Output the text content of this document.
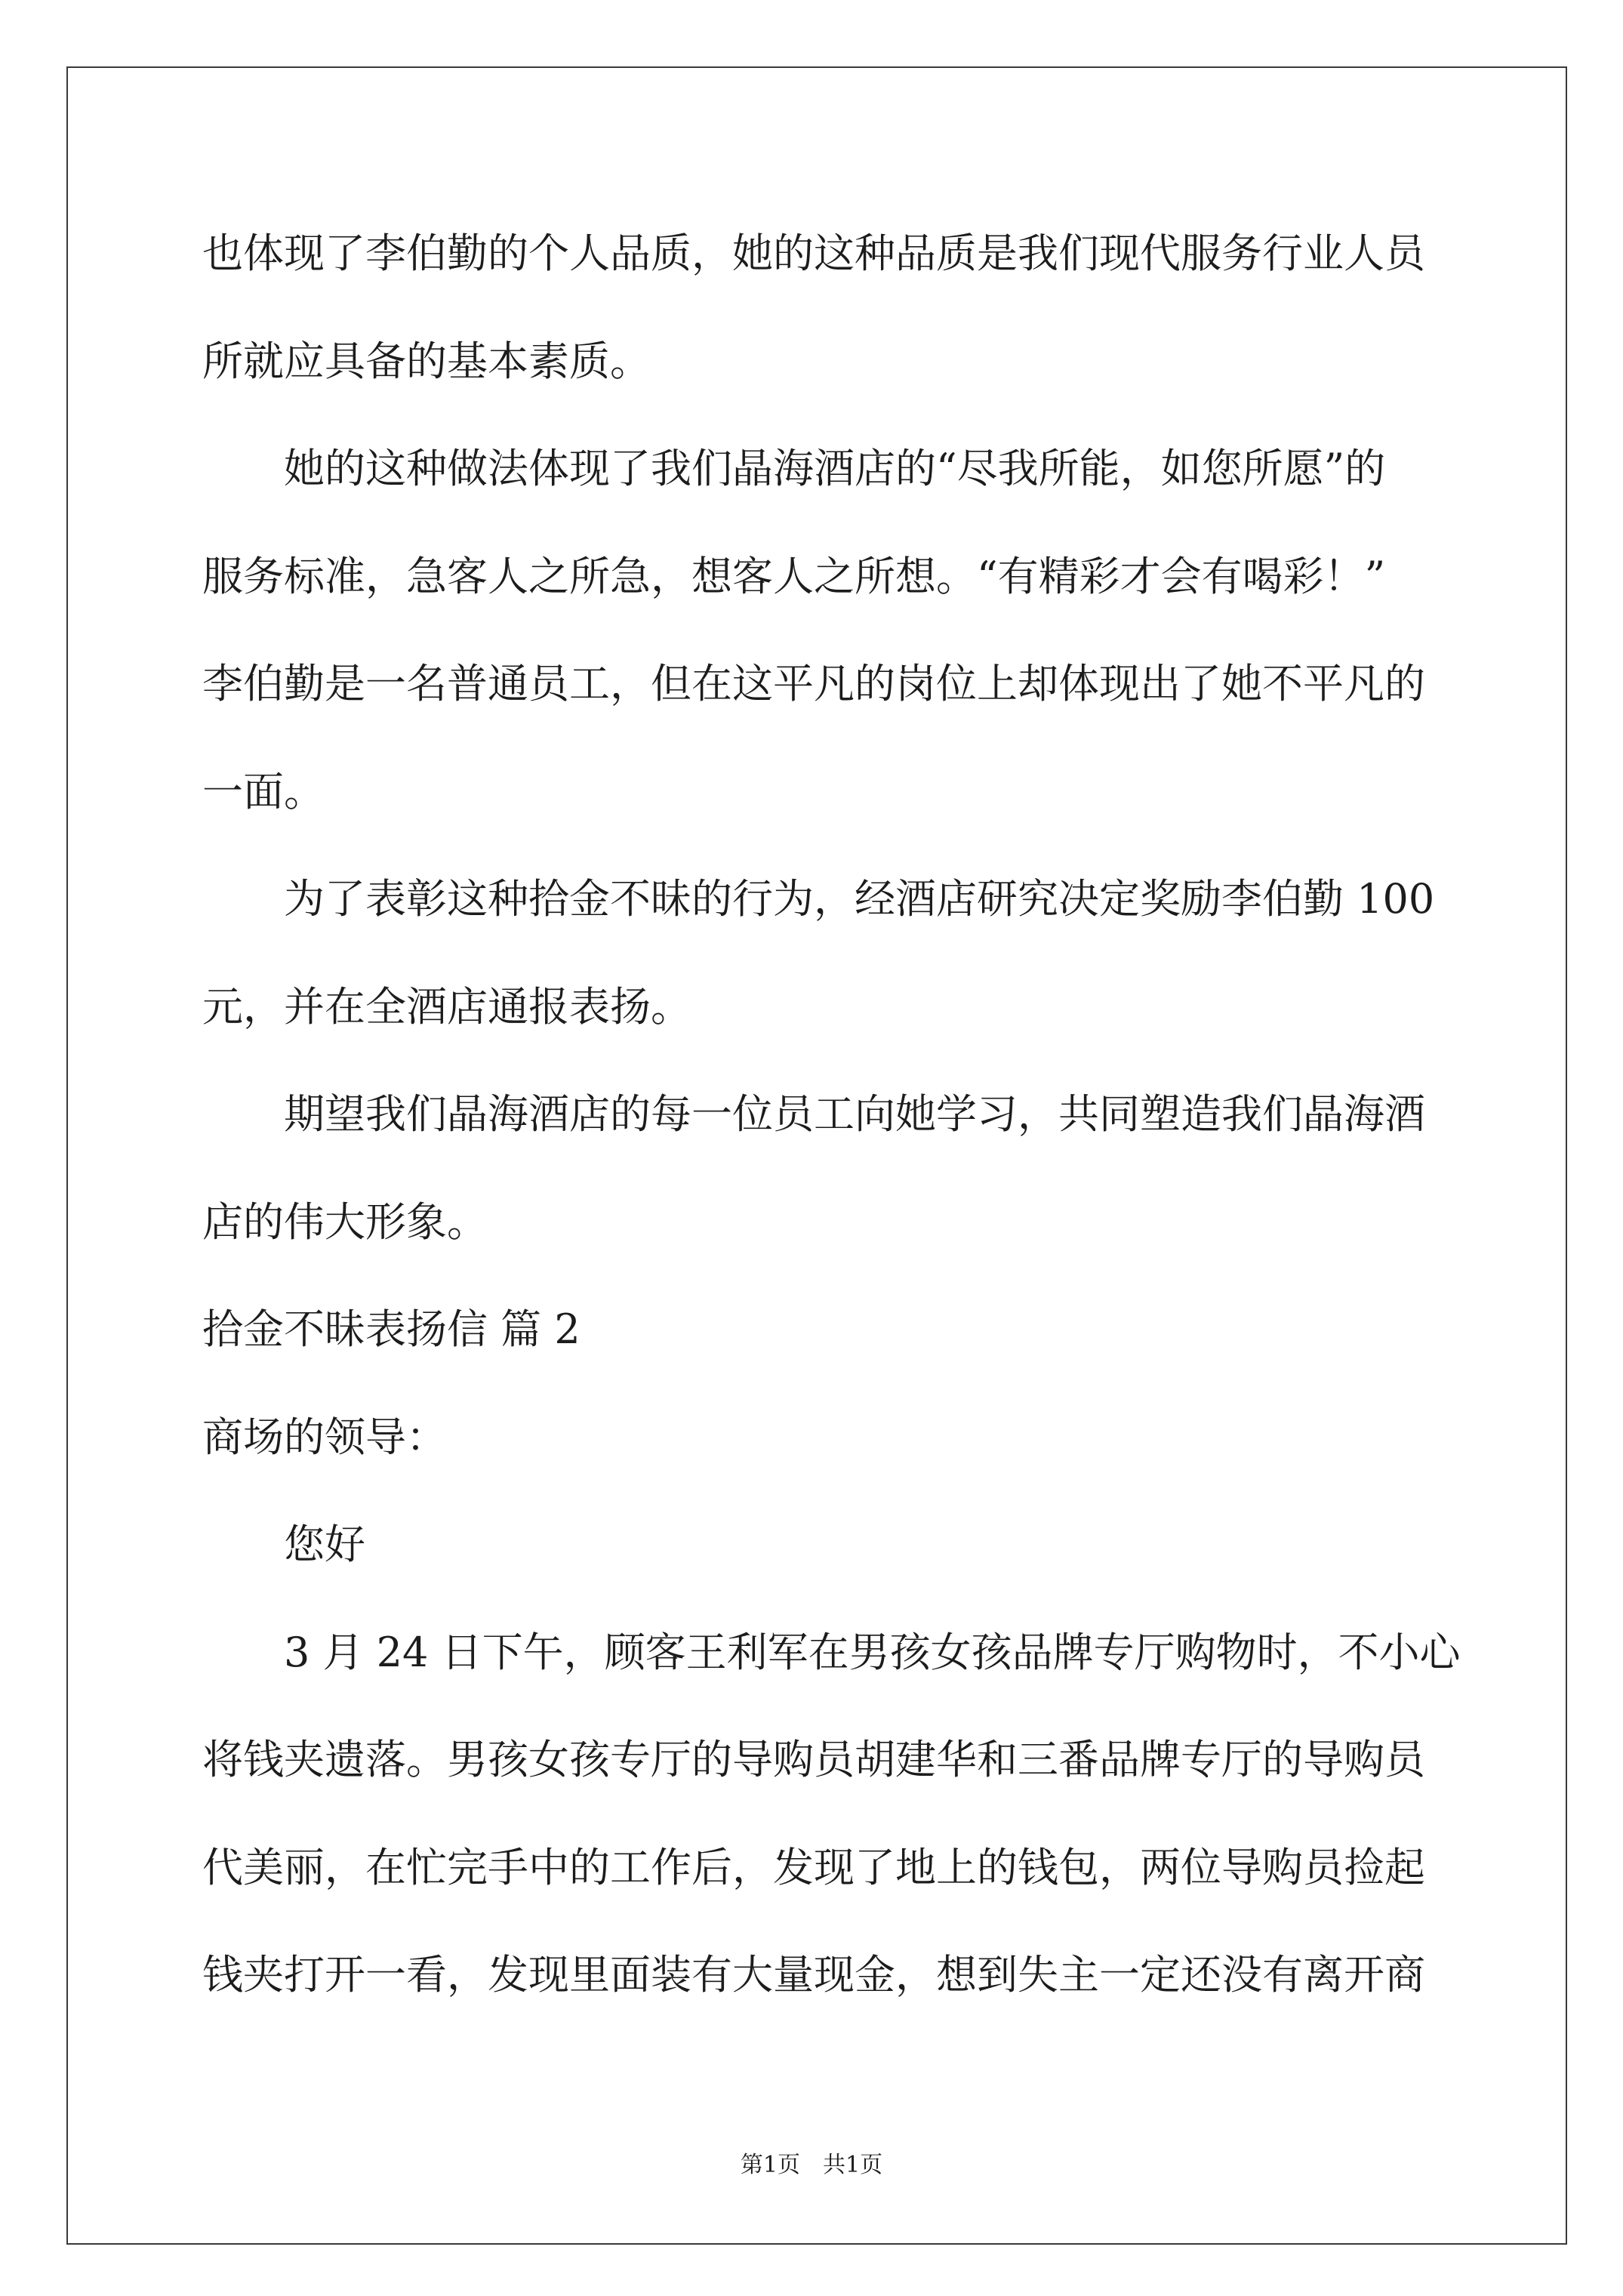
也体现了李伯勤的个人品质，她的这种品质是我们现代服务行业人员
所就应具备的基本素质。
她的这种做法体现了我们晶海酒店的“尽我所能，如您所愿”的
服务标准，急客人之所急，想客人之所想。“有精彩才会有喝彩！”
李伯勤是一名普通员工，但在这平凡的岗位上却体现出了她不平凡的
一面。
为了表彰这种拾金不昧的行为，经酒店研究决定奖励李伯勤 100
元，并在全酒店通报表扬。
期望我们晶海酒店的每一位员工向她学习，共同塑造我们晶海酒
店的伟大形象。
拾金不昧表扬信 篇 2
商场的领导：
您好
3 月 24 日下午，顾客王利军在男孩女孩品牌专厅购物时，不小心
将钱夹遗落。男孩女孩专厅的导购员胡建华和三番品牌专厅的导购员
代美丽，在忙完手中的工作后，发现了地上的钱包，两位导购员捡起
钱夹打开一看，发现里面装有大量现金，想到失主一定还没有离开商
第1页　共1页
